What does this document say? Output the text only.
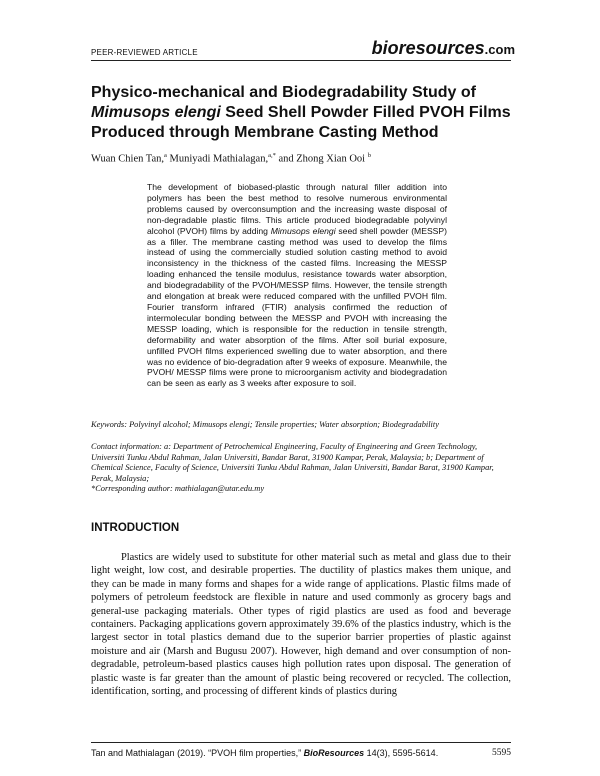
PEER-REVIEWED ARTICLE	bioresources.com
Physico-mechanical and Biodegradability Study of
Mimusops elengi Seed Shell Powder Filled PVOH Films
Produced through Membrane Casting Method
Wuan Chien Tan,$^a$ Muniyadi Mathialagan,$^{a,*}$ and Zhong Xian Ooi $^b$
The development of biobased-plastic through natural filler addition into polymers has been the best method to resolve numerous environmental problems caused by overconsumption and the increasing waste disposal of non-degradable plastic films. This article produced biodegradable polyvinyl alcohol (PVOH) films by adding Mimusops elengi seed shell powder (MESSP) as a filler. The membrane casting method was used to develop the films instead of using the commercially studied solution casting method to avoid inconsistency in the thickness of the casted films. Increasing the MESSP loading enhanced the tensile modulus, resistance towards water absorption, and biodegradability of the PVOH/MESSP films. However, the tensile strength and elongation at break were reduced compared with the unfilled PVOH film. Fourier transform infrared (FTIR) analysis confirmed the reduction of intermolecular bonding between the MESSP and PVOH with increasing the MESSP loading, which is responsible for the reduction in tensile strength, deformability and water absorption of the films. After soil burial exposure, unfilled PVOH films experienced swelling due to water absorption, and there was no evidence of bio-degradation after 9 weeks of exposure. Meanwhile, the PVOH/ MESSP films were prone to microorganism activity and biodegradation can be seen as early as 3 weeks after exposure to soil.
Keywords: Polyvinyl alcohol; Mimusops elengi; Tensile properties; Water absorption; Biodegradability
Contact information: a: Department of Petrochemical Engineering, Faculty of Engineering and Green Technology, Universiti Tunku Abdul Rahman, Jalan Universiti, Bandar Barat, 31900 Kampar, Perak, Malaysia; b; Department of Chemical Science, Faculty of Science, Universiti Tunku Abdul Rahman, Jalan Universiti, Bandar Barat, 31900 Kampar, Perak, Malaysia;
*Corresponding author: mathialagan@utar.edu.my
INTRODUCTION
Plastics are widely used to substitute for other material such as metal and glass due to their light weight, low cost, and desirable properties. The ductility of plastics makes them unique, and they can be made in many forms and shapes for a wide range of applications. Plastic films made of polymers of petroleum feedstock are flexible in nature and used commonly as grocery bags and general-use packaging materials. Other types of rigid plastics are used as food and beverage containers. Packaging applications govern approximately 39.6% of the plastics industry, which is the largest sector in total plastics demand due to the superior barrier properties of plastic against moisture and air (Marsh and Bugusu 2007). However, high demand and over consumption of non-degradable, petroleum-based plastics causes high pollution rates upon disposal. The generation of plastic waste is far greater than the amount of plastic being recovered or recycled. The collection, identification, sorting, and processing of different kinds of plastics during
Tan and Mathialagan (2019). “PVOH film properties,” BioResources 14(3), 5595-5614.	5595
